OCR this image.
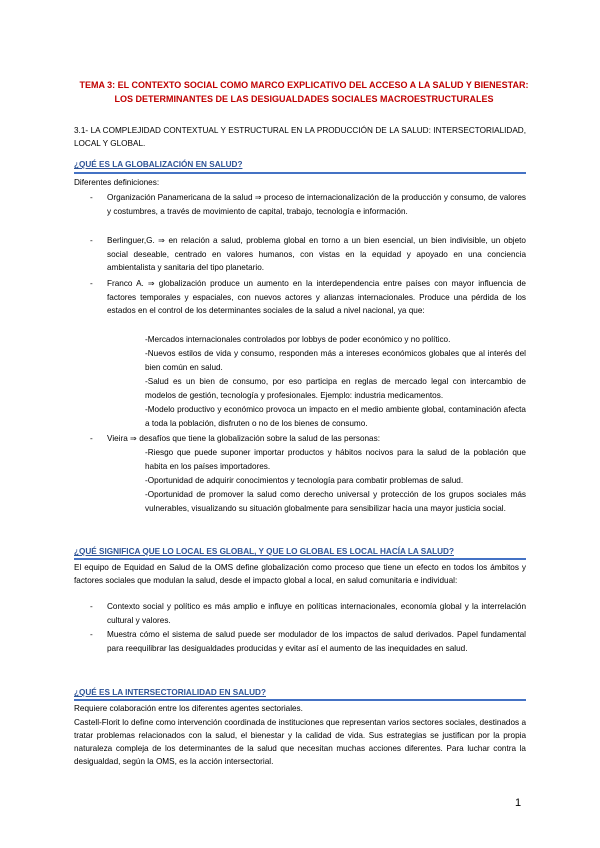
TEMA 3: EL CONTEXTO SOCIAL COMO MARCO EXPLICATIVO DEL ACCESO A LA SALUD Y BIENESTAR: LOS DETERMINANTES DE LAS DESIGUALDADES SOCIALES MACROESTRUCTURALES
3.1- LA COMPLEJIDAD CONTEXTUAL Y ESTRUCTURAL EN LA PRODUCCIÓN DE LA SALUD: INTERSECTORIALIDAD, LOCAL Y GLOBAL.
¿QUÉ ES LA GLOBALIZACIÓN EN SALUD?
Diferentes definiciones:
- Organización Panamericana de la salud ⇒ proceso de internacionalización de la producción y consumo, de valores y costumbres, a través de movimiento de capital, trabajo, tecnología e información.
- Berlinguer,G. ⇒ en relación a salud, problema global en torno a un bien esencial, un bien indivisible, un objeto social deseable, centrado en valores humanos, con vistas en la equidad y apoyado en una conciencia ambientalista y sanitaria del tipo planetario.
- Franco A. ⇒ globalización produce un aumento en la interdependencia entre países con mayor influencia de factores temporales y espaciales, con nuevos actores y alianzas internacionales. Produce una pérdida de los estados en el control de los determinantes sociales de la salud a nivel nacional, ya que:
-Mercados internacionales controlados por lobbys de poder económico y no político.
-Nuevos estilos de vida y consumo, responden más a intereses económicos globales que al interés del bien común en salud.
-Salud es un bien de consumo, por eso participa en reglas de mercado legal con intercambio de modelos de gestión, tecnología y profesionales. Ejemplo: industria medicamentos.
-Modelo productivo y económico provoca un impacto en el medio ambiente global, contaminación afecta a toda la población, disfruten o no de los bienes de consumo.
- Vieira ⇒ desafíos que tiene la globalización sobre la salud de las personas:
-Riesgo que puede suponer importar productos y hábitos nocivos para la salud de la población que habita en los países importadores.
-Oportunidad de adquirir conocimientos y tecnología para combatir problemas de salud.
-Oportunidad de promover la salud como derecho universal y protección de los grupos sociales más vulnerables, visualizando su situación globalmente para sensibilizar hacia una mayor justicia social.
¿QUÉ SIGNIFICA QUE LO LOCAL ES GLOBAL, Y QUE LO GLOBAL ES LOCAL HACÍA LA SALUD?
El equipo de Equidad en Salud de la OMS define globalización como proceso que tiene un efecto en todos los ámbitos y factores sociales que modulan la salud, desde el impacto global a local, en salud comunitaria e individual:
- Contexto social y político es más amplio e influye en políticas internacionales, economía global y la interrelación cultural y valores.
- Muestra cómo el sistema de salud puede ser modulador de los impactos de salud derivados. Papel fundamental para reequilibrar las desigualdades producidas y evitar así el aumento de las inequidades en salud.
¿QUÉ ES LA INTERSECTORIALIDAD EN SALUD?
Requiere colaboración entre los diferentes agentes sectoriales.
Castell-Florit lo define como intervención coordinada de instituciones que representan varios sectores sociales, destinados a tratar problemas relacionados con la salud, el bienestar y la calidad de vida. Sus estrategias se justifican por la propia naturaleza compleja de los determinantes de la salud que necesitan muchas acciones diferentes. Para luchar contra la desigualdad, según la OMS, es la acción intersectorial.
1
